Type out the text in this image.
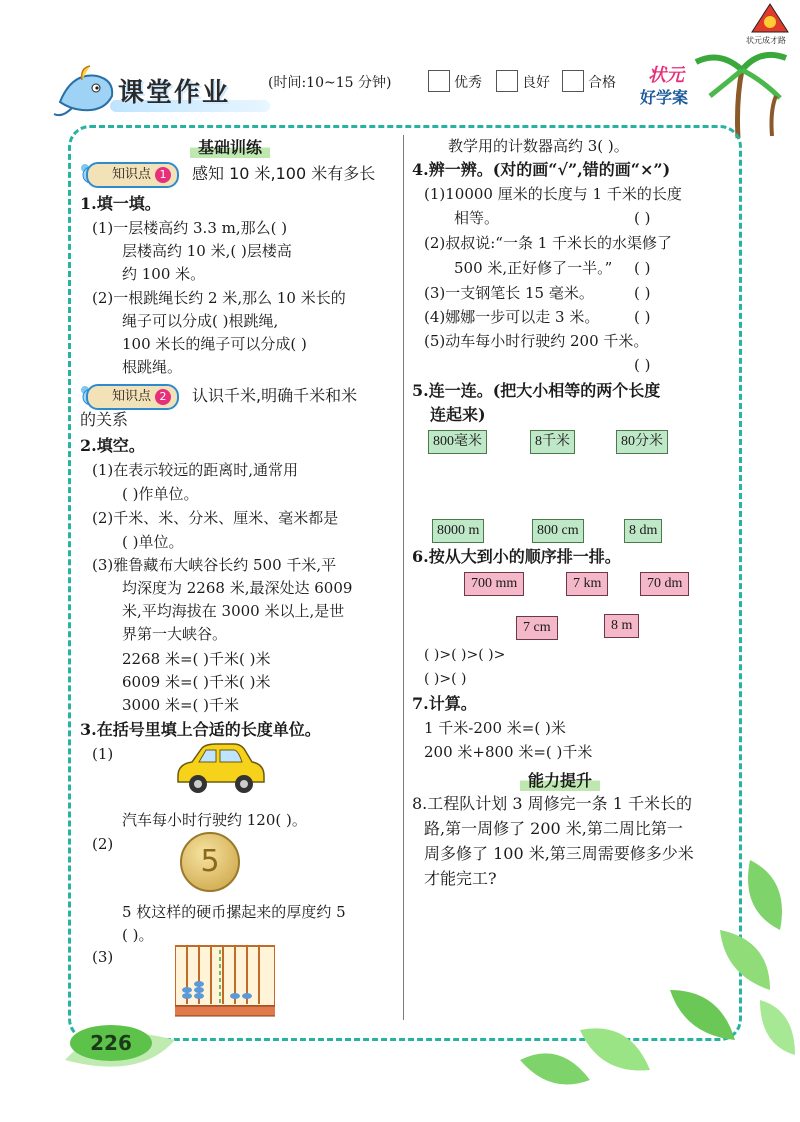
课堂作业	(时间:10~15 分钟)	优秀	良好	合格 状元
好学案
状元成才路
基础训练
知识点 1	感知 10 米,100 米有多长
1.填一填。
(1)一层楼高约 3.3 m,那么( )
层楼高约 10 米,( )层楼高
约 100 米。
(2)一根跳绳长约 2 米,那么 10 米长的
绳子可以分成( )根跳绳,
100 米长的绳子可以分成( )
根跳绳。
知识点 2	认识千米,明确千米和米
的关系
2.填空。
(1)在表示较远的距离时,通常用
( )作单位。
(2)千米、米、分米、厘米、毫米都是
( )单位。
(3)雅鲁藏布大峡谷长约 500 千米,平
均深度为 2268 米,最深处达 6009
米,平均海拔在 3000 米以上,是世
界第一大峡谷。
2268 米=( )千米( )米
6009 米=( )千米( )米
3000 米=( )千米
3.在括号里填上合适的长度单位。
(1)
汽车每小时行驶约 120( )。
(2)	5
5 枚这样的硬币摞起来的厚度约 5
( )。
(3)
教学用的计数器高约 3( )。
4.辨一辨。(对的画“√”,错的画“×”)
(1)10000 厘米的长度与 1 千米的长度
相等。	( )
(2)叔叔说:“一条 1 千米长的水渠修了
500 米,正好修了一半。” ( )
(3)一支钢笔长 15 毫米。	( )
(4)娜娜一步可以走 3 米。 ( )
(5)动车每小时行驶约 200 千米。
( )
5.连一连。(把大小相等的两个长度
连起来)
800毫米	8千米	80分米
8000 m	800 cm	8 dm
6.按从大到小的顺序排一排。
700 mm	7 km	70 dm
7 cm	8 m
( )>( )>( )>
( )>( )
7.计算。
1 千米-200 米=( )米
200 米+800 米=( )千米
能力提升
8.工程队计划 3 周修完一条 1 千米长的
路,第一周修了 200 米,第二周比第一
周多修了 100 米,第三周需要修多少米
才能完工?
226
